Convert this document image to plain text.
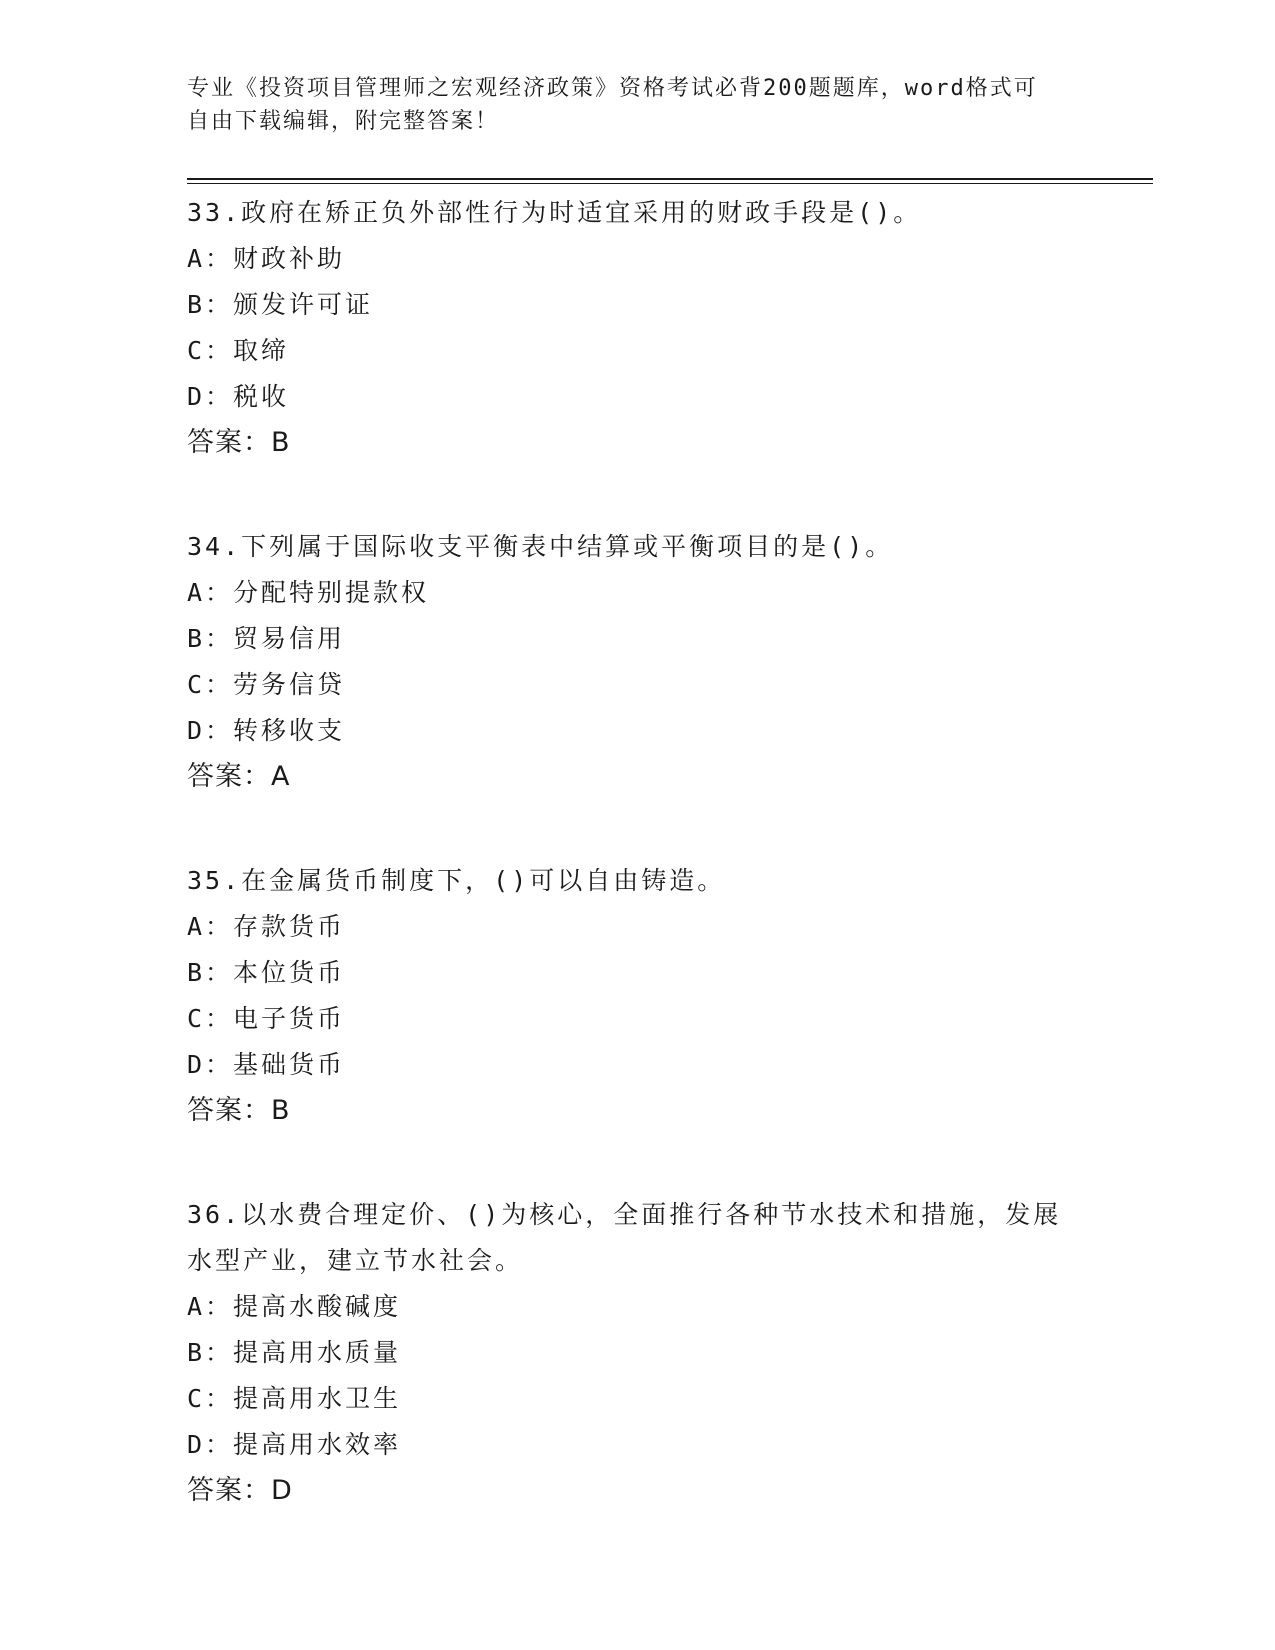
专业《投资项目管理师之宏观经济政策》资格考试必背200题题库，word格式可
自由下载编辑，附完整答案！

33.政府在矫正负外部性行为时适宜采用的财政手段是()。

A：财政补助

B：颁发许可证

C：取缔

D：税收

答案：B

34.下列属于国际收支平衡表中结算或平衡项目的是()。

A：分配特别提款权

B：贸易信用

C：劳务信贷

D：转移收支

答案：A

35.在金属货币制度下，()可以自由铸造。

A：存款货币

B：本位货币

C：电子货币

D：基础货币

答案：B

36.以水费合理定价、()为核心，全面推行各种节水技术和措施，发展

水型产业，建立节水社会。

A：提高水酸碱度

B：提高用水质量

C：提高用水卫生

D：提高用水效率

答案：D
